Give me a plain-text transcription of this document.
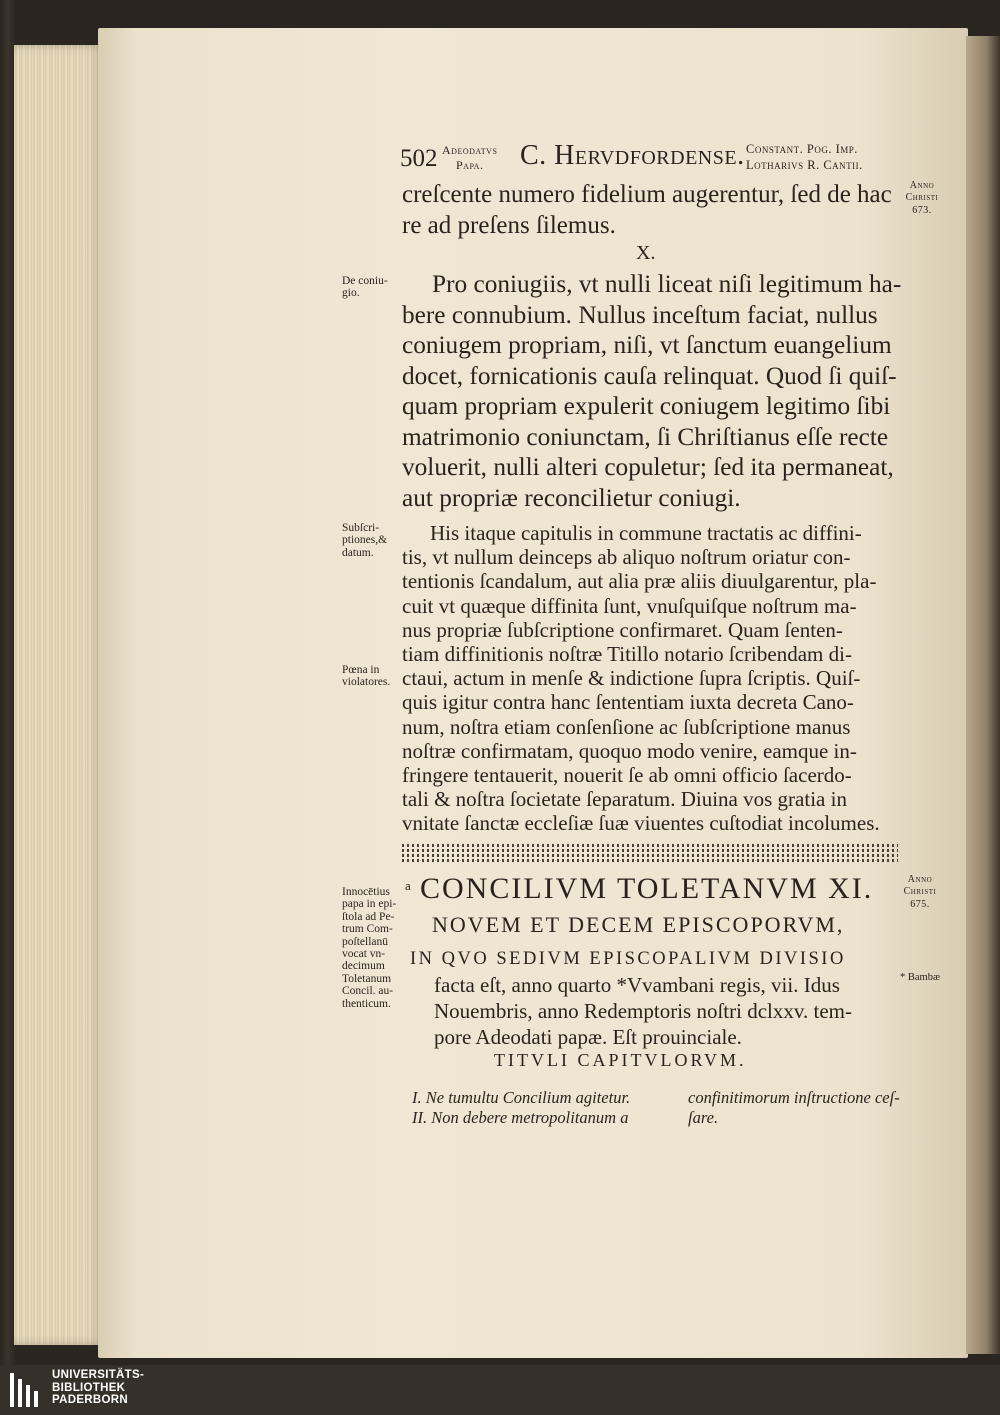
502 Adeodatvs
Papa. C. Hervdfordense. Constant. Pog. Imp.
Lotharivs R. Cantii.
Anno
Christi
673.
Anno
Christi
675.
* Bambæ
De coniu-
gio.
Subſcri-
ptiones,&
datum.
Pœna in
violatores.
Innocētius
papa in epi-
ſtola ad Pe-
trum Com-
poſtellanū
vocat vn-
decimum
Toletanum
Concil. au-
thenticum.
creſcente numero fidelium augerentur, ſed de hac
re ad preſens ſilemus.
X.
Pro coniugiis, vt nulli liceat niſi legitimum ha-
bere connubium. Nullus inceſtum faciat, nullus
coniugem propriam, niſi, vt ſanctum euangelium
docet, fornicationis cauſa relinquat. Quod ſi quiſ-
quam propriam expulerit coniugem legitimo ſibi
matrimonio coniunctam, ſi Chriſtianus eſſe recte
voluerit, nulli alteri copuletur; ſed ita permaneat,
aut propriæ reconcilietur coniugi.
His itaque capitulis in commune tractatis ac diffini-
tis, vt nullum deinceps ab aliquo noſtrum oriatur con-
tentionis ſcandalum, aut alia præ aliis diuulgarentur, pla-
cuit vt quæque diffinita ſunt, vnuſquiſque noſtrum ma-
nus propriæ ſubſcriptione confirmaret. Quam ſenten-
tiam diffinitionis noſtræ Titillo notario ſcribendam di-
ctaui, actum in menſe & indictione ſupra ſcriptis. Quiſ-
quis igitur contra hanc ſententiam iuxta decreta Cano-
num, noſtra etiam conſenſione ac ſubſcriptione manus
noſtræ confirmatam, quoquo modo venire, eamque in-
fringere tentauerit, nouerit ſe ab omni officio ſacerdo-
tali & noſtra ſocietate ſeparatum. Diuina vos gratia in
vnitate ſanctæ eccleſiæ ſuæ viuentes cuſtodiat incolumes.
a CONCILIVM TOLETANVM XI.
NOVEM ET DECEM EPISCOPORVM,
IN QVO SEDIVM EPISCOPALIVM DIVISIO
facta eſt, anno quarto *Vvambani regis, vii. Idus
Nouembris, anno Redemptoris noſtri dclxxv. tem-
pore Adeodati papæ. Eſt prouinciale.
TITVLI CAPITVLORVM.
I. Ne tumultu Concilium agitetur.
II. Non debere metropolitanum a
confinitimorum inſtructione ceſ-
ſare.
UNIVERSITÄTS-
BIBLIOTHEK
PADERBORN
